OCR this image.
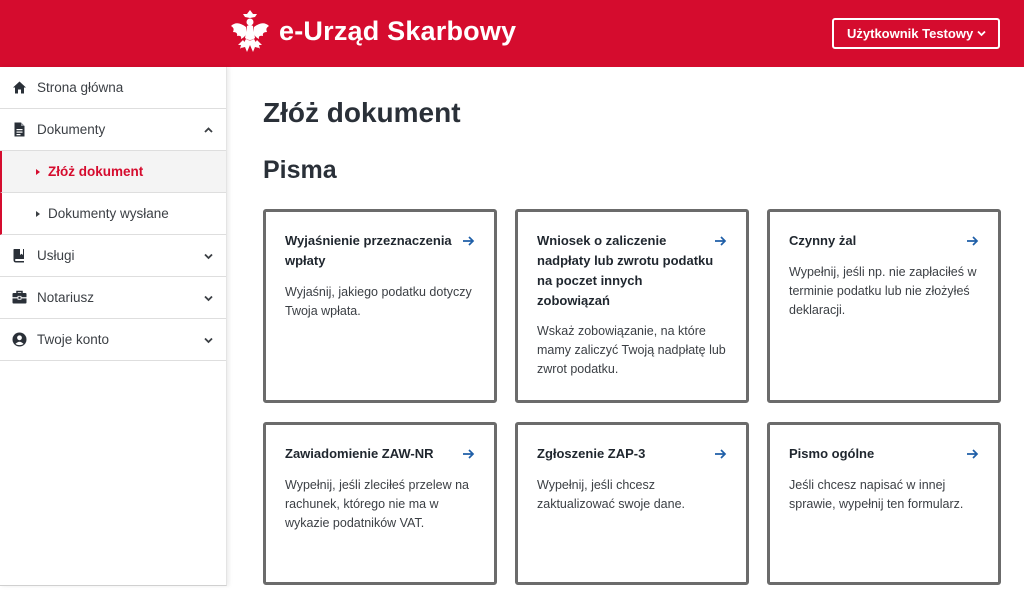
e-Urząd Skarbowy	Użytkownik Testowy
Strona główna
Dokumenty
Złóż dokument
Dokumenty wysłane
Usługi
Notariusz
Twoje konto
Złóż dokument
Pisma
Wyjaśnienie przeznaczenia wpłaty
Wyjaśnij, jakiego podatku dotyczy Twoja wpłata.
Wniosek o zaliczenie nadpłaty lub zwrotu podatku na poczet innych zobowiązań
Wskaż zobowiązanie, na które mamy zaliczyć Twoją nadpłatę lub zwrot podatku.
Czynny żal
Wypełnij, jeśli np. nie zapłaciłeś w terminie podatku lub nie złożyłeś deklaracji.
Zawiadomienie ZAW-NR
Wypełnij, jeśli zleciłeś przelew na rachunek, którego nie ma w wykazie podatników VAT.
Zgłoszenie ZAP-3
Wypełnij, jeśli chcesz zaktualizować swoje dane.
Pismo ogólne
Jeśli chcesz napisać w innej sprawie, wypełnij ten formularz.
